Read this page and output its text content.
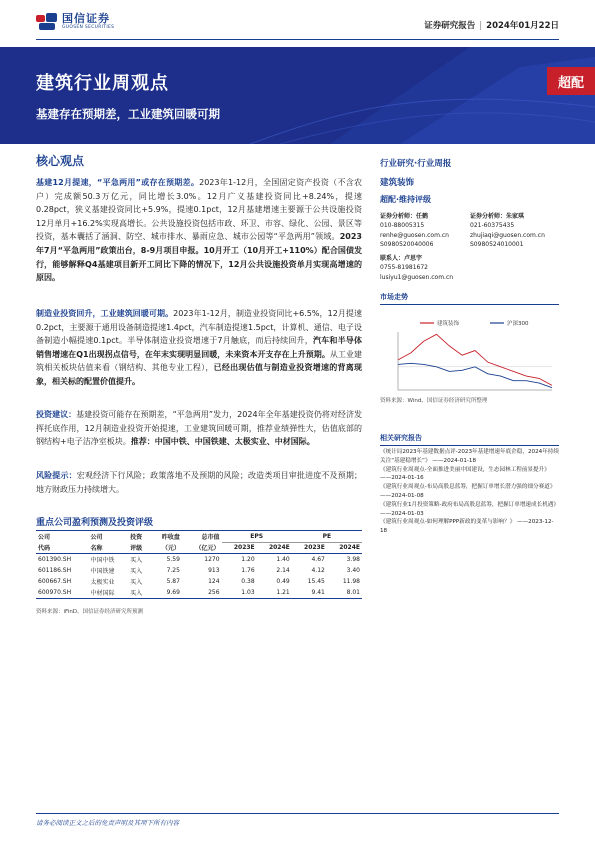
国信证券
GUOSEN SECURITIES	证券研究报告 | 2024年01月22日
建筑行业周观点
基建存在预期差，工业建筑回暖可期
超配
核心观点
基建12月提速，“平急两用”或存在预期差。2023年1-12月，全国固定资产投资（不含农户）完成额50.3万亿元，同比增长3.0%。12月广义基建投资同比+8.24%，提速0.28pct，狭义基建投资同比+5.9%，提速0.1pct，12月基建增速主要源于公共设施投资12月单月+16.2%实现高增长。公共设施投资包括市政、环卫、市容、绿化、公园、景区等投资，基本囊括了涵洞、防空、城市排水、暴雨应急、城市公园等“平急两用”领域。2023年7月“平急两用”政策出台，8-9月项目申报。10月开工（10月开工+110%）配合国债发行，能够解释Q4基建项目新开工同比下降的情况下，12月公共设施投资单月实现高增速的原因。
制造业投资回升，工业建筑回暖可期。2023年1-12月，制造业投资同比+6.5%，12月提速0.2pct，主要源于通用设备制造提速1.4pct，汽车制造提速1.5pct，计算机、通信、电子设备制造小幅提速0.1pct。半导体制造业投资增速于7月触底，而后持续回升，汽车和半导体销售增速在Q1出现拐点信号，在年末实现明显回暖，未来资本开支存在上升预期。从工业建筑相关板块估值来看（钢结构、其他专业工程），已经出现估值与制造业投资增速的背离现象，相关标的配置价值提升。
投资建议：基建投资可能存在预期差，“平急两用”发力，2024年全年基建投资仍将对经济发挥托底作用，12月制造业投资开始提速，工业建筑回暖可期，推荐业绩弹性大，估值底部的钢结构+电子洁净室板块。推荐：中国中铁、中国铁建、太极实业、中材国际。
风险提示：宏观经济下行风险；政策落地不及预期的风险；改造类项目审批进度不及预期；地方财政压力持续增大。
重点公司盈利预测及投资评级
公司	公司	投资	昨收盘	总市值	EPS		PE	
代码	名称	评级	（元）	（亿元）	2023E	2024E	2023E	2024E
601390.SH	中国中铁	买入	5.59	1270	1.20	1.40	4.67	3.98
601186.SH	中国铁建	买入	7.25	913	1.76	2.14	4.12	3.40
600667.SH	太极实业	买入	5.87	124	0.38	0.49	15.45	11.98
600970.SH	中材国际	买入	9.69	256	1.03	1.21	9.41	8.01
资料来源：iFinD、国信证券经济研究所预测
行业研究·行业周报
建筑装饰
超配·维持评级
证券分析师：任鹤
010-88005315
renhe@guosen.com.cn
S0980520040006
证券分析师：朱家琪
021-60375435
zhujiaqi@guosen.com.cn
S0980524010001
联系人：卢思宇
0755-81981672
lusiyu1@guosen.com.cn
市场走势
建筑装饰	沪深300
资料来源：Wind、国信证券经济研究所整理
相关研究报告
《统计局2023年基建数据点评-2023年基建增速年底企稳，2024年持续关注“基建稳增长”》 ——2024-01-18
《建筑行业周观点-全面推进美丽中国建设，生态园林工程前景提升》 ——2024-01-16
《建筑行业周观点-布局高股息蓝筹，把握订单增长潜力强的细分赛道》 ——2024-01-08
《建筑行业1月投资策略-政府布局高股息蓝筹，把握订单增速成长机遇》 ——2024-01-03
《建筑行业周观点-如何理解PPP新政的变革与影响？》 ——2023-12-18
请务必阅读正文之后的免责声明及其项下所有内容
